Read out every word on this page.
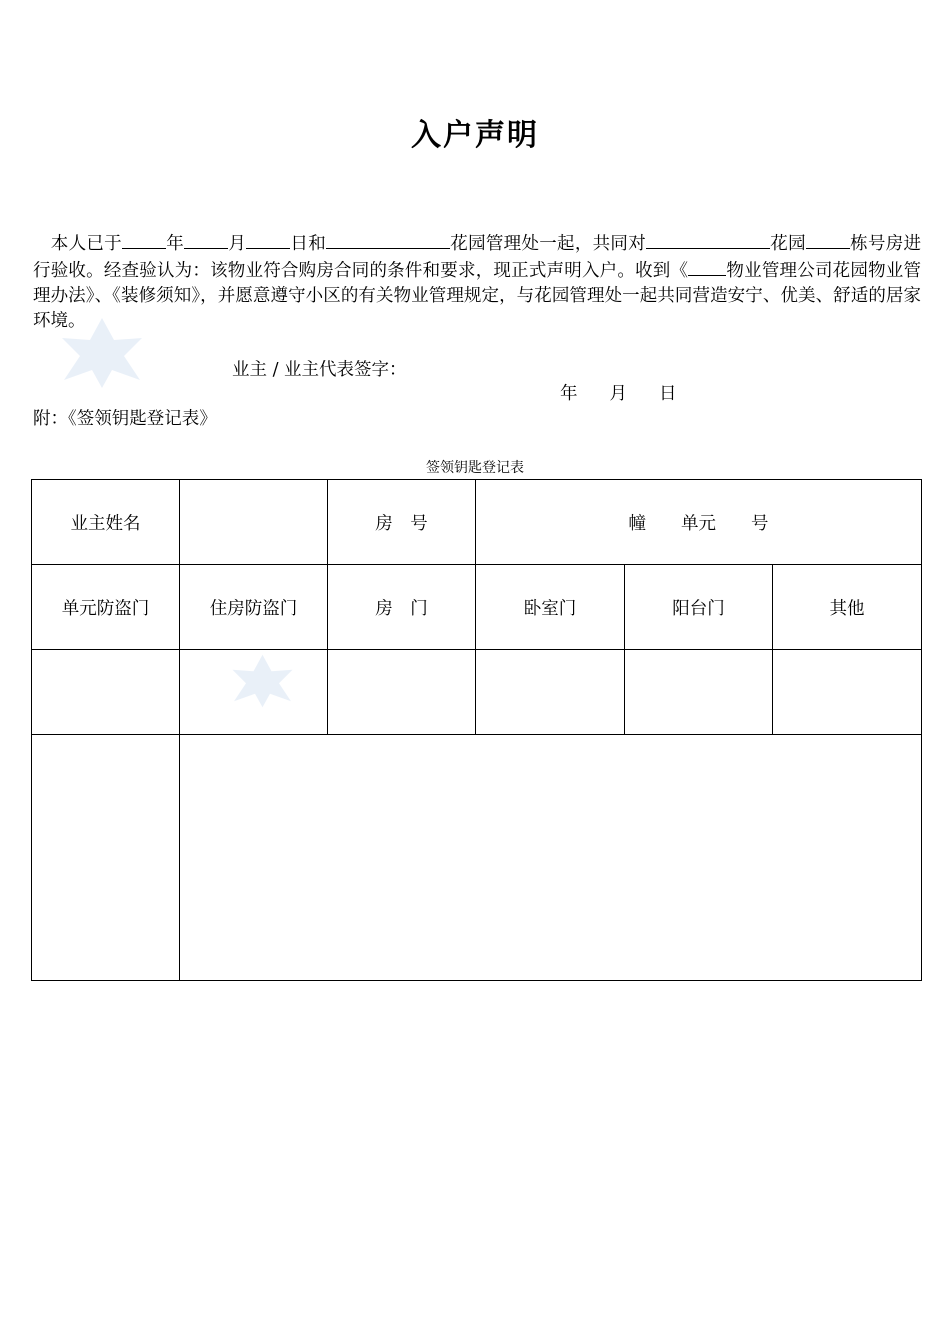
入户声明
 本人已于	年	月	日和	花园管理处一起，共同对	花园	栋号房进行验收。经查验认为：该物业符合购房合同的条件和要求，现正式声明入户。收到《 物业管理公司花园物业管理办法》、《装修须知》，并愿意遵守小区的有关物业管理规定，与花园管理处一起共同营造安宁、优美、舒适的居家环境。
业主 / 业主代表签字：
年 月 日
附：《签领钥匙登记表》
签领钥匙登记表
业主姓名		房　号	幢　　单元　　号		
单元防盗门	住房防盗门	房　门	卧室门	阳台门	其他
